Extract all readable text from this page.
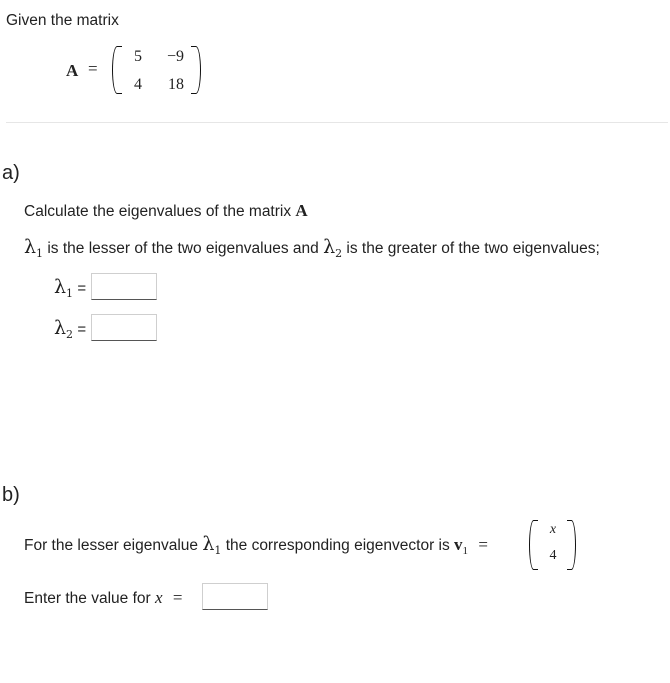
Given the matrix
A =
5	−9
4	18
a)
Calculate the eigenvalues of the matrix A
$\lambda_1$ is the lesser of the two eigenvalues and $\lambda_2$ is the greater of the two eigenvalues;
$\lambda_1$ =
$\lambda_2$ =
b)
For the lesser eigenvalue $\lambda_1$ the corresponding eigenvector is $v_1$ =
x
4
Enter the value for x =
